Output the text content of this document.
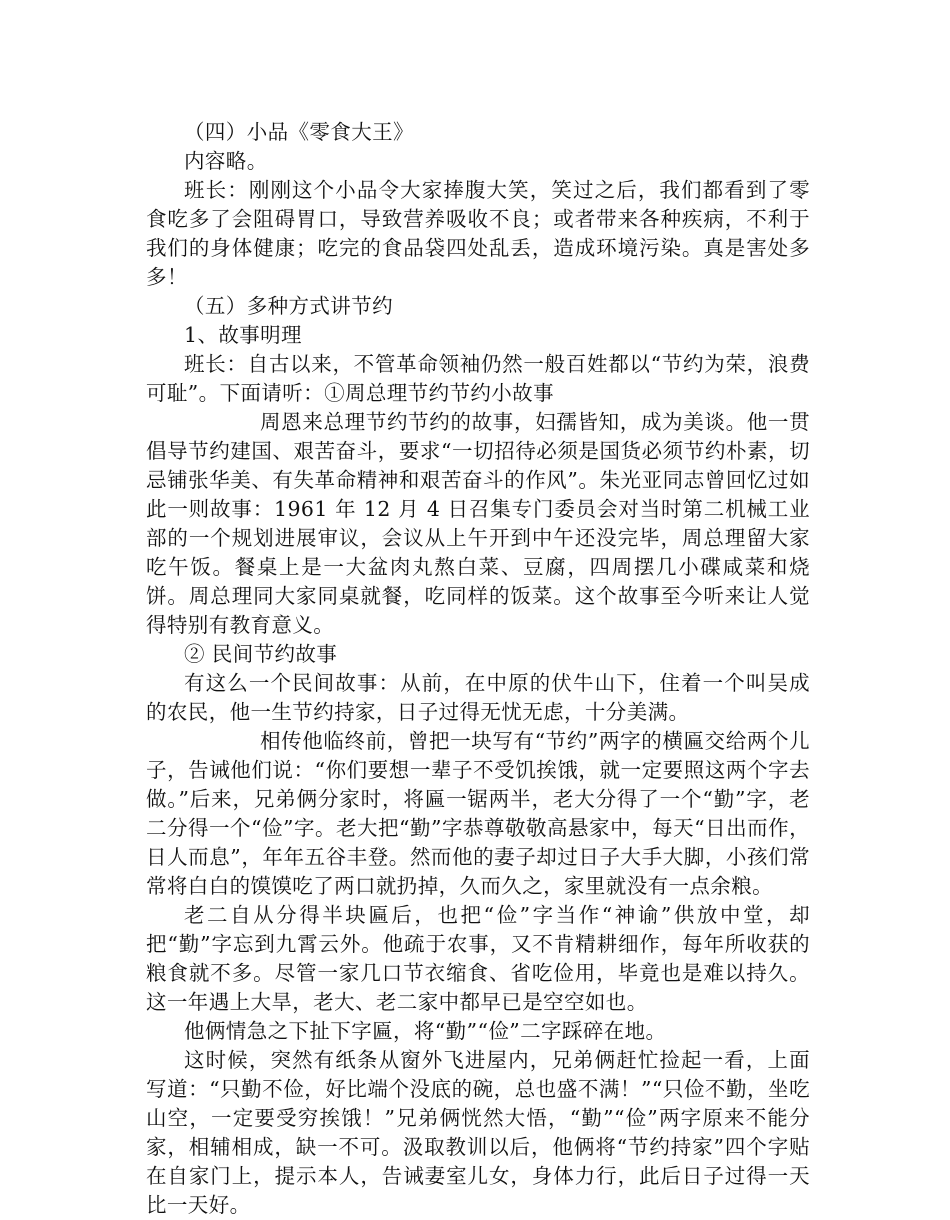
（四）小品《零食大王》

内容略。

班长：刚刚这个小品令大家捧腹大笑，笑过之后，我们都看到了零食吃多了会阻碍胃口，导致营养吸收不良；或者带来各种疾病，不利于我们的身体健康；吃完的食品袋四处乱丢，造成环境污染。真是害处多多！

（五）多种方式讲节约

1、故事明理

班长：自古以来，不管革命领袖仍然一般百姓都以“节约为荣，浪费可耻”。下面请听：①周总理节约节约小故事

周恩来总理节约节约的故事，妇孺皆知，成为美谈。他一贯倡导节约建国、艰苦奋斗，要求“一切招待必须是国货必须节约朴素，切忌铺张华美、有失革命精神和艰苦奋斗的作风”。朱光亚同志曾回忆过如此一则故事：1961 年 12 月 4 日召集专门委员会对当时第二机械工业部的一个规划进展审议，会议从上午开到中午还没完毕，周总理留大家吃午饭。餐桌上是一大盆肉丸熬白菜、豆腐，四周摆几小碟咸菜和烧饼。周总理同大家同桌就餐，吃同样的饭菜。这个故事至今听来让人觉得特别有教育意义。

② 民间节约故事

有这么一个民间故事：从前，在中原的伏牛山下，住着一个叫吴成的农民，他一生节约持家，日子过得无忧无虑，十分美满。

相传他临终前，曾把一块写有“节约”两字的横匾交给两个儿子，告诫他们说：“你们要想一辈子不受饥挨饿，就一定要照这两个字去做。”后来，兄弟俩分家时，将匾一锯两半，老大分得了一个“勤”字，老二分得一个“俭”字。老大把“勤”字恭尊敬敬高悬家中，每天“日出而作，日人而息”，年年五谷丰登。然而他的妻子却过日子大手大脚，小孩们常常将白白的馍馍吃了两口就扔掉，久而久之，家里就没有一点余粮。

老二自从分得半块匾后，也把“俭”字当作“神谕”供放中堂，却把“勤”字忘到九霄云外。他疏于农事，又不肯精耕细作，每年所收获的粮食就不多。尽管一家几口节衣缩食、省吃俭用，毕竟也是难以持久。这一年遇上大旱，老大、老二家中都早已是空空如也。

他俩情急之下扯下字匾，将“勤”“俭”二字踩碎在地。

这时候，突然有纸条从窗外飞进屋内，兄弟俩赶忙捡起一看，上面写道：“只勤不俭，好比端个没底的碗，总也盛不满！”“只俭不勤，坐吃山空，一定要受穷挨饿！”兄弟俩恍然大悟，“勤”“俭”两字原来不能分家，相辅相成，缺一不可。汲取教训以后，他俩将“节约持家”四个字贴在自家门上，提示本人，告诫妻室儿女，身体力行，此后日子过得一天比一天好。
